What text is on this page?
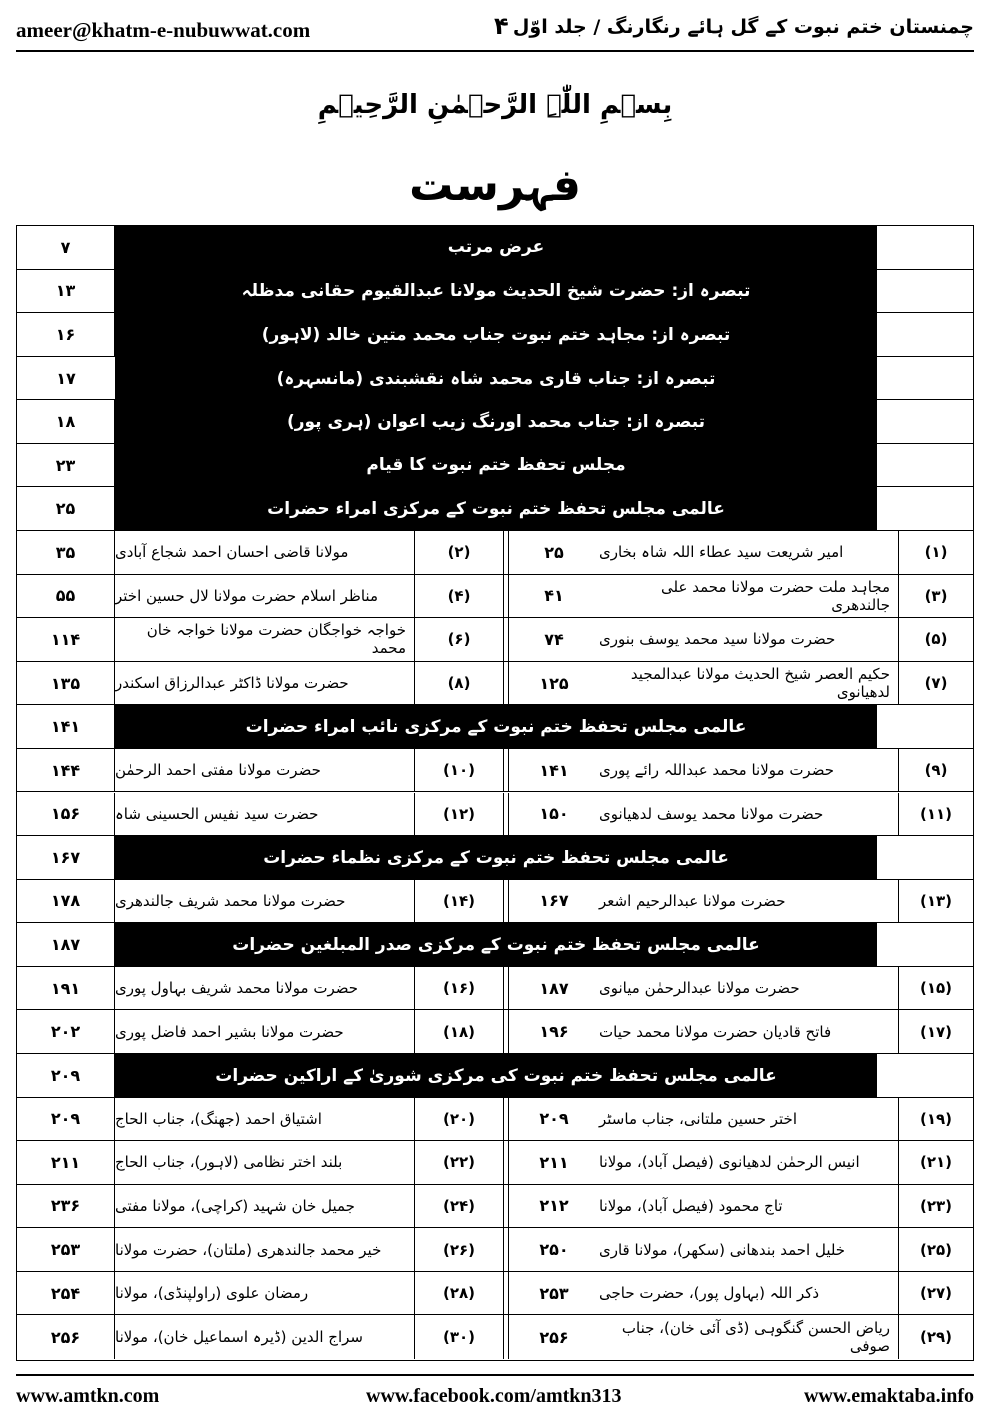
ameer@khatm-e-nubuwwat.com	۴ چمنستان ختم نبوت کے گل ہائے رنگارنگ / جلد اوّل
بِسۡمِ اللّٰہِ الرَّحۡمٰنِ الرَّحِیۡمِ
فہرست
۷	عرض مرتب
۱۳	تبصرہ از: حضرت شیخ الحدیث مولانا عبدالقیوم حقانی مدظلہ
۱۶	تبصرہ از: مجاہد ختم نبوت جناب محمد متین خالد (لاہور)
۱۷	تبصرہ از: جناب قاری محمد شاہ نقشبندی (مانسہرہ)
۱۸	تبصرہ از: جناب محمد اورنگ زیب اعوان (ہری پور)
۲۳	مجلس تحفظ ختم نبوت کا قیام
۲۵	عالمی مجلس تحفظ ختم نبوت کے مرکزی امراء حضرات
۳۵	مولانا قاضی احسان احمد شجاع آبادی	(۲)	۲۵	امیر شریعت سید عطاء اللہ شاہ بخاری	(۱)
۵۵	مناظر اسلام حضرت مولانا لال حسین اختر	(۴)	۴۱	مجاہد ملت حضرت مولانا محمد علی جالندھری	(۳)
۱۱۴	خواجہ خواجگان حضرت مولانا خواجہ خان محمد	(۶)	۷۴	حضرت مولانا سید محمد یوسف بنوری	(۵)
۱۳۵	حضرت مولانا ڈاکٹر عبدالرزاق اسکندر	(۸)	۱۲۵	حکیم العصر شیخ الحدیث مولانا عبدالمجید لدھیانوی	(۷)
۱۴۱	عالمی مجلس تحفظ ختم نبوت کے مرکزی نائب امراء حضرات
۱۴۴	حضرت مولانا مفتی احمد الرحمٰن	(۱۰)	۱۴۱	حضرت مولانا محمد عبداللہ رائے پوری	(۹)
۱۵۶	حضرت سید نفیس الحسینی شاہ	(۱۲)	۱۵۰	حضرت مولانا محمد یوسف لدھیانوی	(۱۱)
۱۶۷	عالمی مجلس تحفظ ختم نبوت کے مرکزی نظماء حضرات
۱۷۸	حضرت مولانا محمد شریف جالندھری	(۱۴)	۱۶۷	حضرت مولانا عبدالرحیم اشعر	(۱۳)
۱۸۷	عالمی مجلس تحفظ ختم نبوت کے مرکزی صدر المبلغین حضرات
۱۹۱	حضرت مولانا محمد شریف بہاول پوری	(۱۶)	۱۸۷	حضرت مولانا عبدالرحمٰن میانوی	(۱۵)
۲۰۲	حضرت مولانا بشیر احمد فاضل پوری	(۱۸)	۱۹۶	فاتح قادیان حضرت مولانا محمد حیات	(۱۷)
۲۰۹	عالمی مجلس تحفظ ختم نبوت کی مرکزی شوریٰ کے اراکین حضرات
۲۰۹	اشتیاق احمد (جھنگ)، جناب الحاج	(۲۰)	۲۰۹	اختر حسین ملتانی، جناب ماسٹر	(۱۹)
۲۱۱	بلند اختر نظامی (لاہور)، جناب الحاج	(۲۲)	۲۱۱	انیس الرحمٰن لدھیانوی (فیصل آباد)، مولانا	(۲۱)
۲۳۶	جمیل خان شہید (کراچی)، مولانا مفتی	(۲۴)	۲۱۲	تاج محمود (فیصل آباد)، مولانا	(۲۳)
۲۵۳	خیر محمد جالندھری (ملتان)، حضرت مولانا	(۲۶)	۲۵۰	خلیل احمد بندھانی (سکھر)، مولانا قاری	(۲۵)
۲۵۴	رمضان علوی (راولپنڈی)، مولانا	(۲۸)	۲۵۳	ذکر اللہ (بہاول پور)، حضرت حاجی	(۲۷)
۲۵۶	سراج الدین (ڈیرہ اسماعیل خان)، مولانا	(۳۰)	۲۵۶	ریاض الحسن گنگوہی (ڈی آئی خان)، جناب صوفی	(۲۹)
www.amtkn.com	www.facebook.com/amtkn313	www.emaktaba.info
